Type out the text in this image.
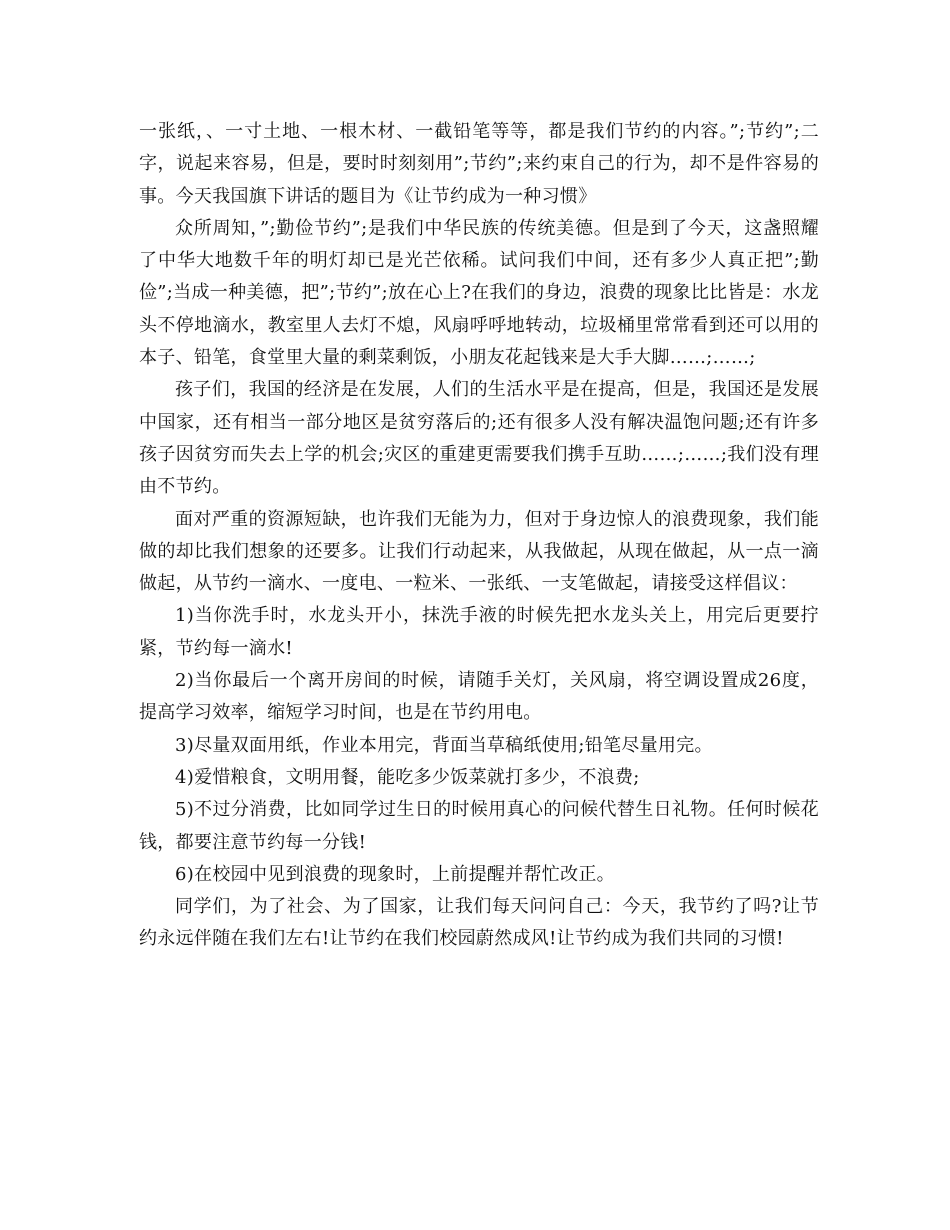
一张纸，、一寸土地、一根木材、一截铅笔等等，都是我们节约的内容。”;节约”;二字，说起来容易，但是，要时时刻刻用”;节约”;来约束自己的行为，却不是件容易的事。今天我国旗下讲话的题目为《让节约成为一种习惯》

众所周知，”;勤俭节约”;是我们中华民族的传统美德。但是到了今天，这盏照耀了中华大地数千年的明灯却已是光芒依稀。试问我们中间，还有多少人真正把”;勤俭”;当成一种美德，把”;节约”;放在心上?在我们的身边，浪费的现象比比皆是：水龙头不停地滴水，教室里人去灯不熄，风扇呼呼地转动，垃圾桶里常常看到还可以用的本子、铅笔，食堂里大量的剩菜剩饭，小朋友花起钱来是大手大脚……;……;

孩子们，我国的经济是在发展，人们的生活水平是在提高，但是，我国还是发展中国家，还有相当一部分地区是贫穷落后的;还有很多人没有解决温饱问题;还有许多孩子因贫穷而失去上学的机会;灾区的重建更需要我们携手互助……;……;我们没有理由不节约。

面对严重的资源短缺，也许我们无能为力，但对于身边惊人的浪费现象，我们能做的却比我们想象的还要多。让我们行动起来，从我做起，从现在做起，从一点一滴做起，从节约一滴水、一度电、一粒米、一张纸、一支笔做起，请接受这样倡议：

1)当你洗手时，水龙头开小，抹洗手液的时候先把水龙头关上，用完后更要拧紧，节约每一滴水!

2)当你最后一个离开房间的时候，请随手关灯，关风扇，将空调设置成26度，提高学习效率，缩短学习时间，也是在节约用电。

3)尽量双面用纸，作业本用完，背面当草稿纸使用;铅笔尽量用完。

4)爱惜粮食，文明用餐，能吃多少饭菜就打多少，不浪费;

5)不过分消费，比如同学过生日的时候用真心的问候代替生日礼物。任何时候花钱，都要注意节约每一分钱!

6)在校园中见到浪费的现象时，上前提醒并帮忙改正。

同学们，为了社会、为了国家，让我们每天问问自己：今天，我节约了吗?让节约永远伴随在我们左右!让节约在我们校园蔚然成风!让节约成为我们共同的习惯!
